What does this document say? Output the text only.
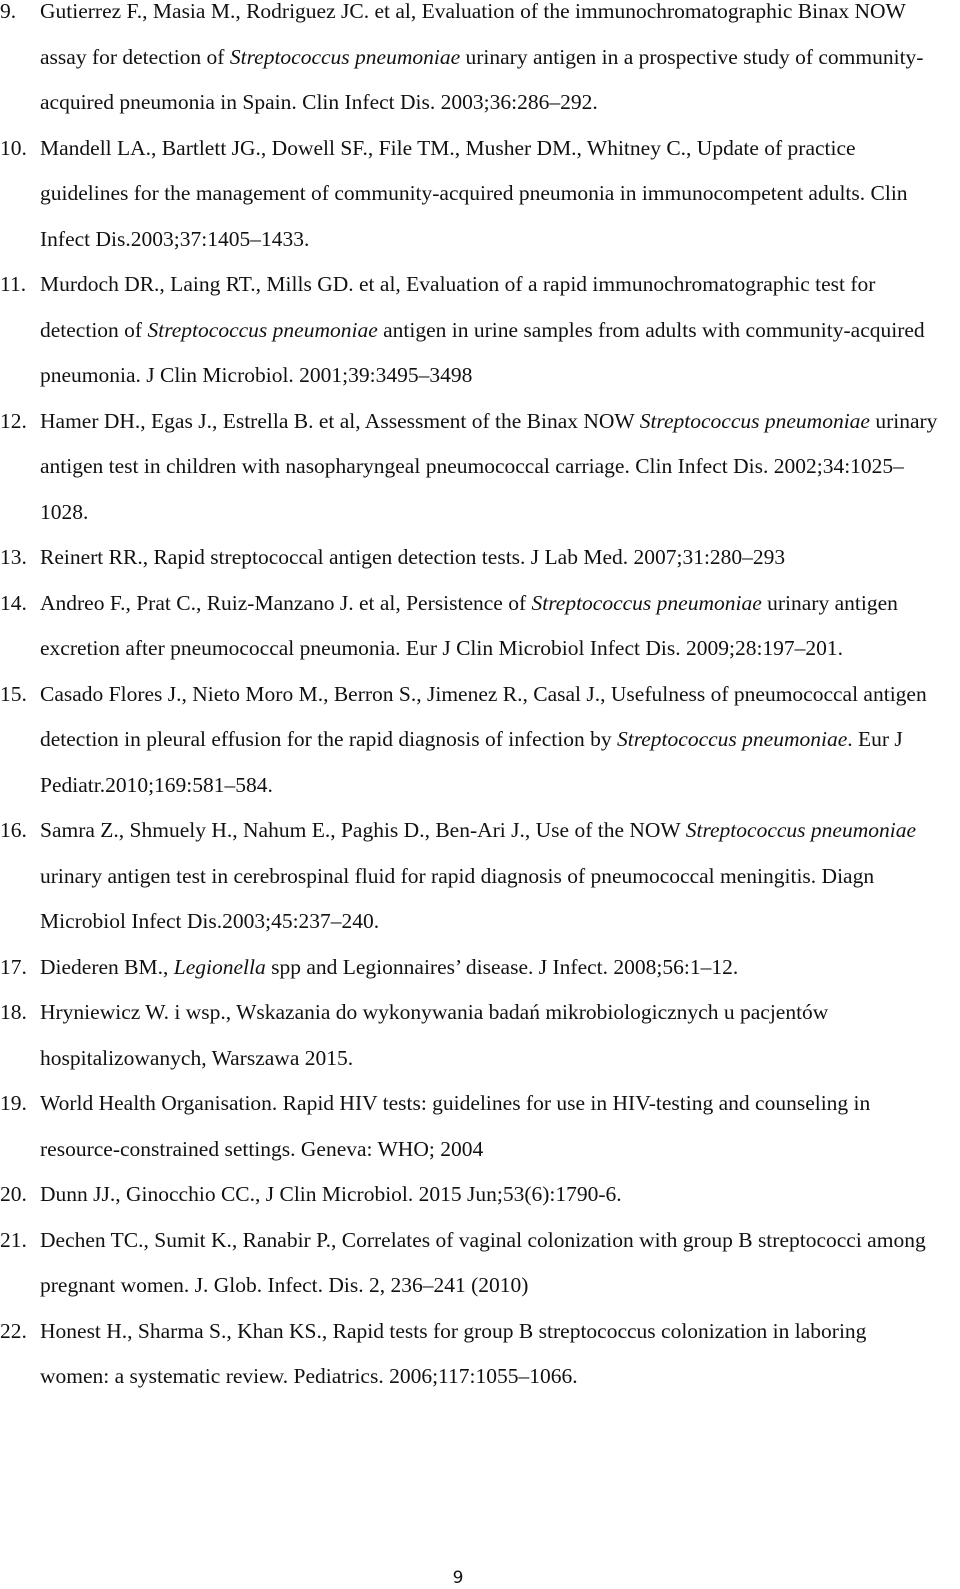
9. Gutierrez F., Masia M., Rodriguez JC. et al, Evaluation of the immunochromatographic Binax NOW assay for detection of Streptococcus pneumoniae urinary antigen in a prospective study of community-acquired pneumonia in Spain. Clin Infect Dis. 2003;36:286–292.
10. Mandell LA., Bartlett JG., Dowell SF., File TM., Musher DM., Whitney C., Update of practice guidelines for the management of community-acquired pneumonia in immunocompetent adults. Clin Infect Dis.2003;37:1405–1433.
11. Murdoch DR., Laing RT., Mills GD. et al, Evaluation of a rapid immunochromatographic test for detection of Streptococcus pneumoniae antigen in urine samples from adults with community-acquired pneumonia. J Clin Microbiol. 2001;39:3495–3498
12. Hamer DH., Egas J., Estrella B. et al, Assessment of the Binax NOW Streptococcus pneumoniae urinary antigen test in children with nasopharyngeal pneumococcal carriage. Clin Infect Dis. 2002;34:1025–1028.
13. Reinert RR., Rapid streptococcal antigen detection tests. J Lab Med. 2007;31:280–293
14. Andreo F., Prat C., Ruiz-Manzano J. et al, Persistence of Streptococcus pneumoniae urinary antigen excretion after pneumococcal pneumonia. Eur J Clin Microbiol Infect Dis. 2009;28:197–201.
15. Casado Flores J., Nieto Moro M., Berron S., Jimenez R., Casal J., Usefulness of pneumococcal antigen detection in pleural effusion for the rapid diagnosis of infection by Streptococcus pneumoniae. Eur J Pediatr.2010;169:581–584.
16. Samra Z., Shmuely H., Nahum E., Paghis D., Ben-Ari J., Use of the NOW Streptococcus pneumoniae urinary antigen test in cerebrospinal fluid for rapid diagnosis of pneumococcal meningitis. Diagn Microbiol Infect Dis.2003;45:237–240.
17. Diederen BM., Legionella spp and Legionnaires’ disease. J Infect. 2008;56:1–12.
18. Hryniewicz W. i wsp., Wskazania do wykonywania badań mikrobiologicznych u pacjentów hospitalizowanych, Warszawa 2015.
19. World Health Organisation. Rapid HIV tests: guidelines for use in HIV-testing and counseling in resource-constrained settings. Geneva: WHO; 2004
20. Dunn JJ., Ginocchio CC., J Clin Microbiol. 2015 Jun;53(6):1790-6.
21. Dechen TC., Sumit K., Ranabir P., Correlates of vaginal colonization with group B streptococci among pregnant women. J. Glob. Infect. Dis. 2, 236–241 (2010)
22. Honest H., Sharma S., Khan KS., Rapid tests for group B streptococcus colonization in laboring women: a systematic review. Pediatrics. 2006;117:1055–1066.
9
